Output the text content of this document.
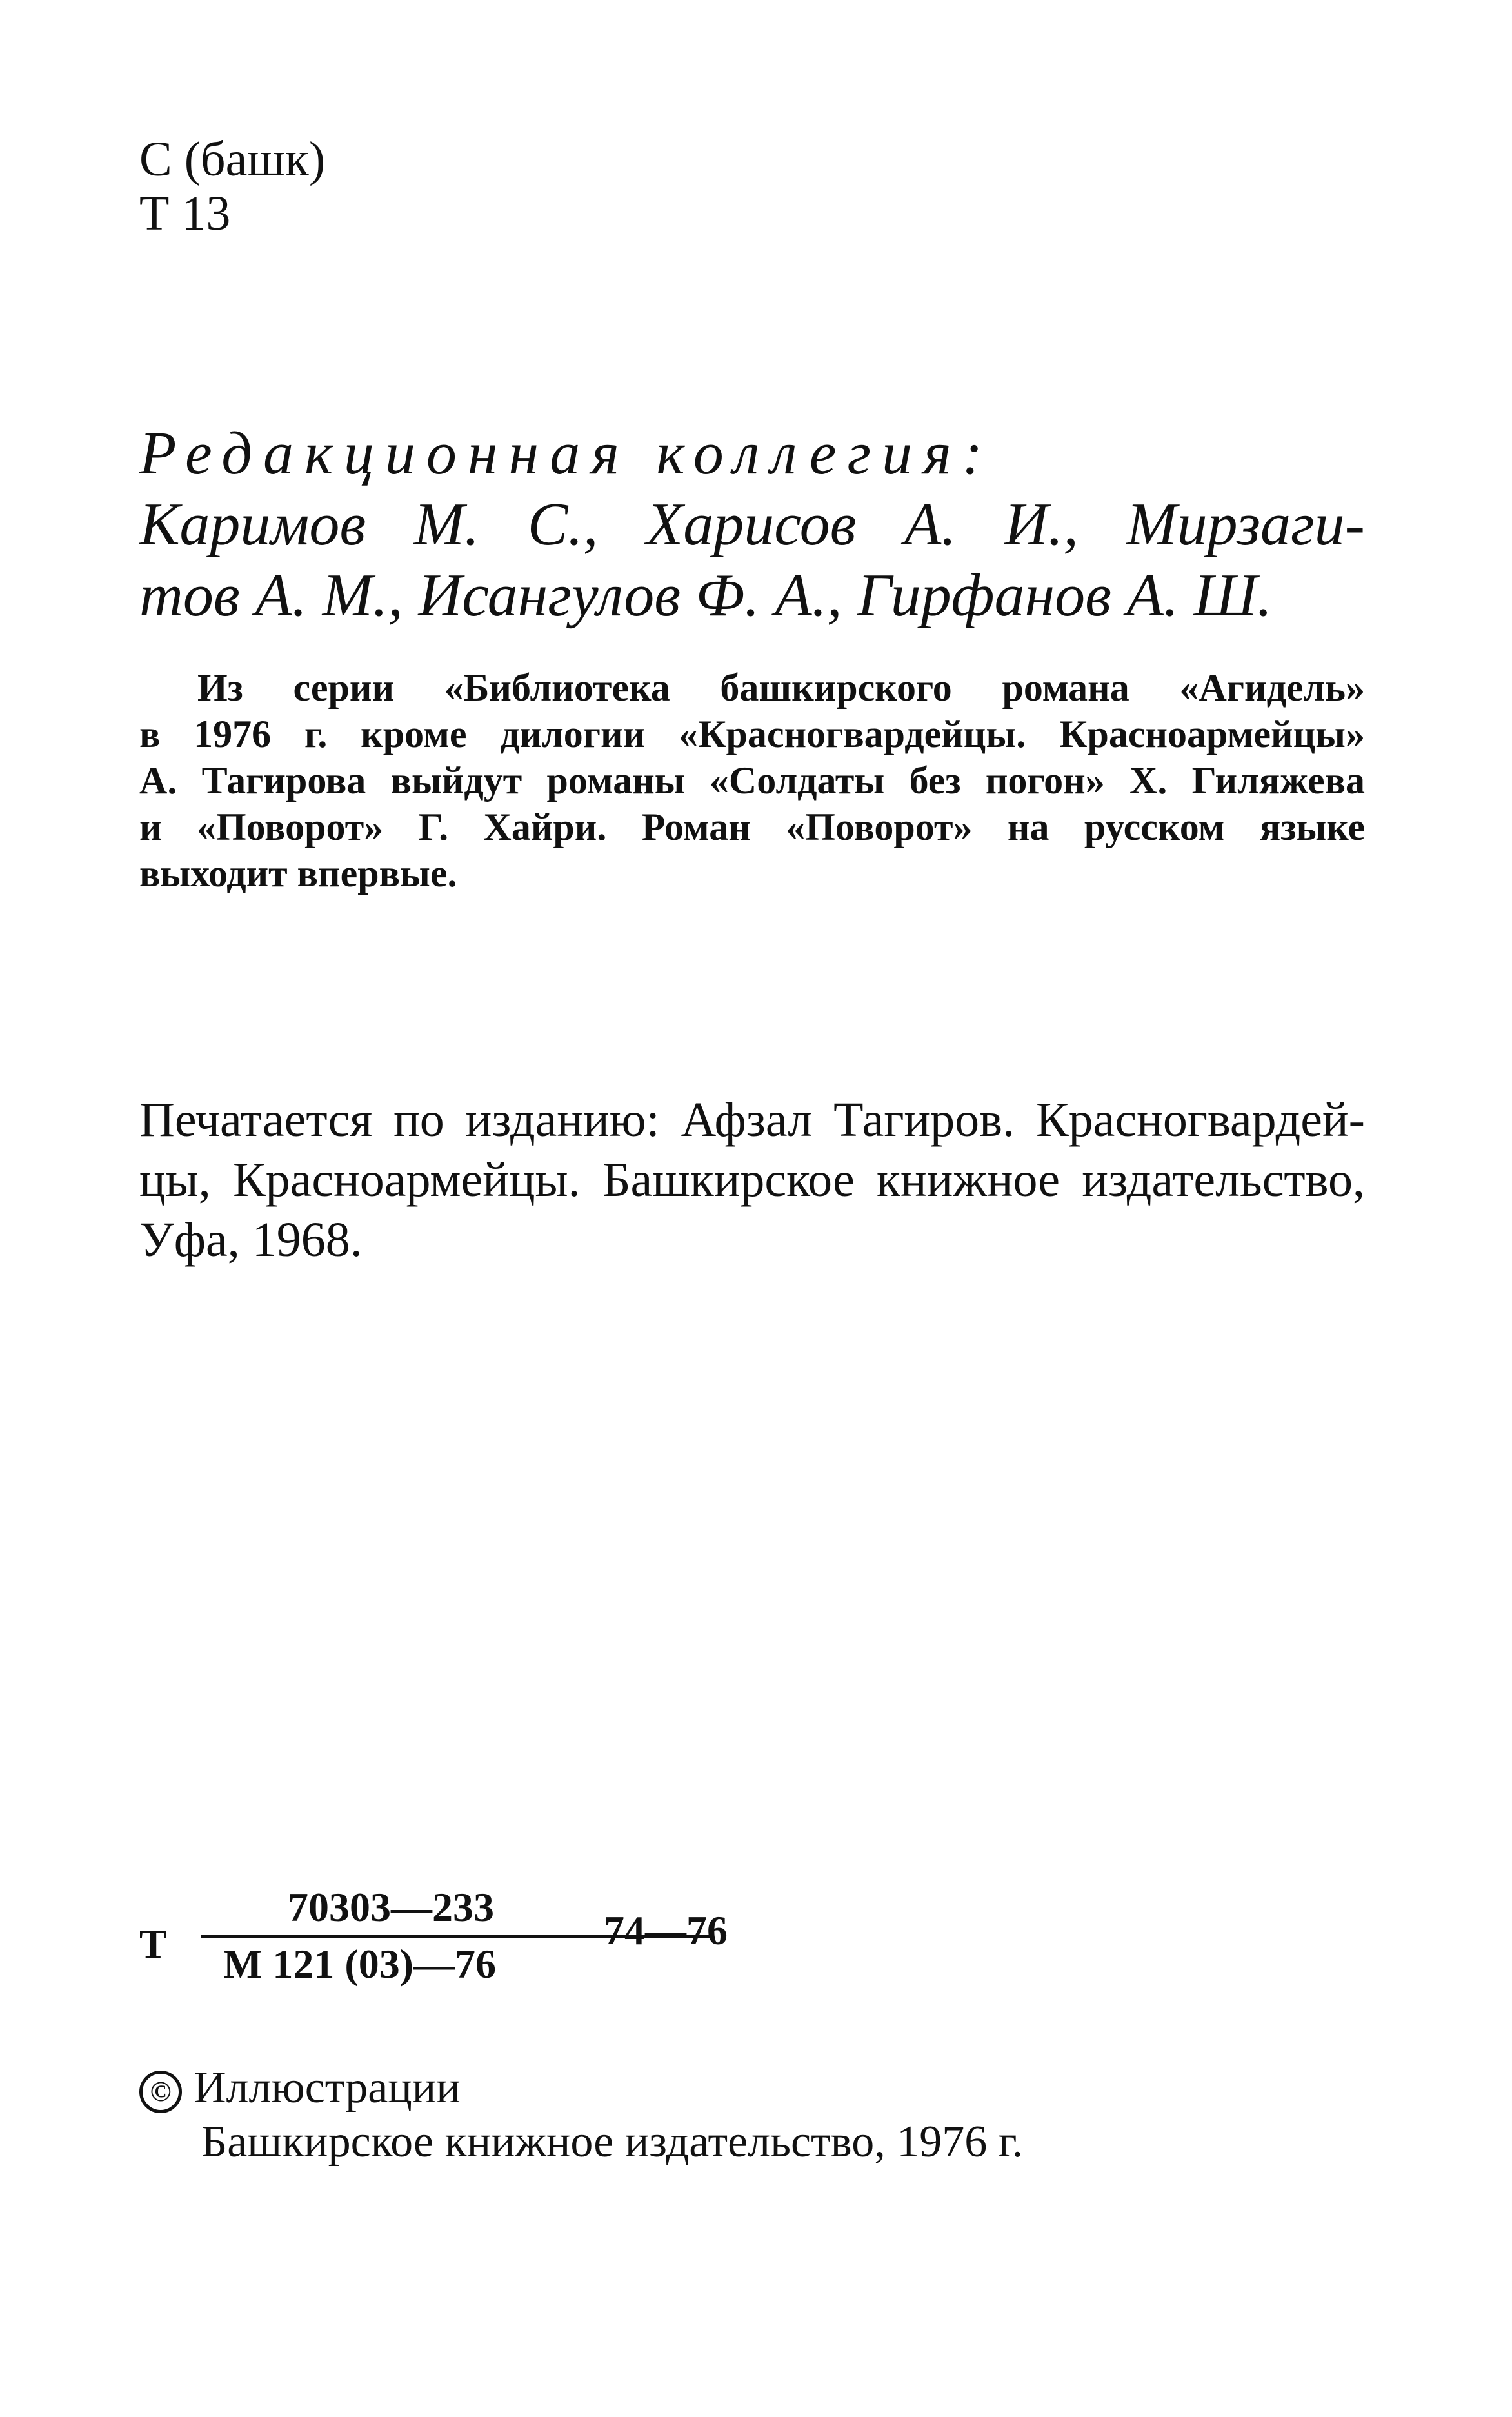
С (башк)
Т 13
Редакционная коллегия:
Каримов М. С., Харисов А. И., Мирзаги-
тов А. М., Исангулов Ф. А., Гирфанов А. Ш.
Из серии «Библиотека башкирского романа «Агидель»
в 1976 г. кроме дилогии «Красногвардейцы. Красноармейцы»
А. Тагирова выйдут романы «Солдаты без погон» Х. Гиляжева
и «Поворот» Г. Хайри. Роман «Поворот» на русском языке
выходит впервые.
Печатается по изданию: Афзал Тагиров. Красногвардей-
цы, Красноармейцы. Башкирское книжное издательство,
Уфа, 1968.
Т
70303—233
М 121 (03)—76
74—76
© Иллюстрации
Башкирское книжное издательство, 1976 г.
